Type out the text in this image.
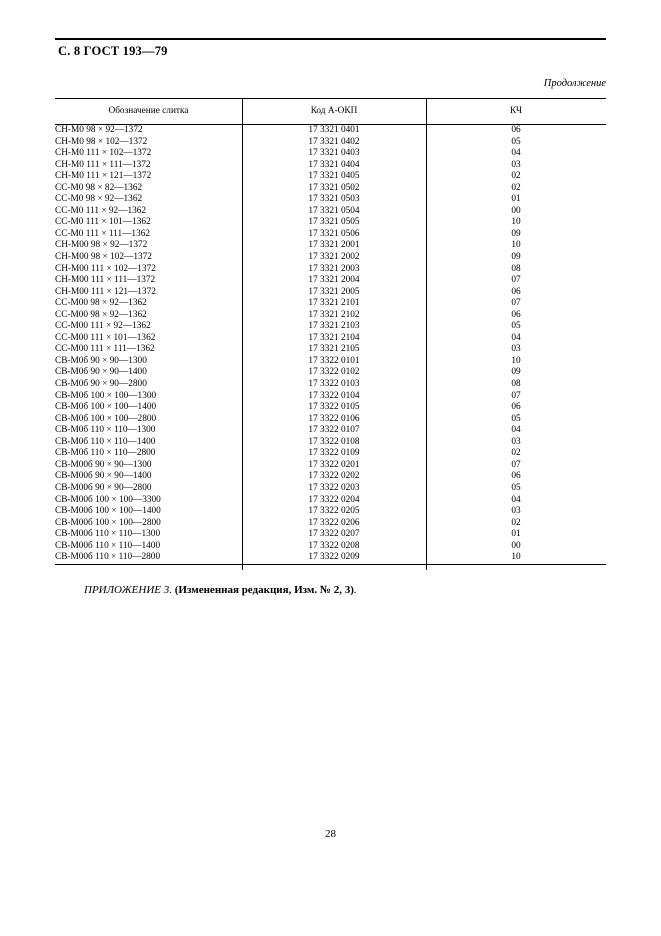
С. 8 ГОСТ 193—79
Продолжение
Обозначение слитка	Код А-ОКП	КЧ
СН-М0 98 × 92—1372	17 3321 0401	06
СН-М0 98 × 102—1372	17 3321 0402	05
СН-М0 111 × 102—1372	17 3321 0403	04
СН-М0 111 × 111—1372	17 3321 0404	03
СН-М0 111 × 121—1372	17 3321 0405	02
СС-М0 98 × 82—1362	17 3321 0502	02
СС-М0 98 × 92—1362	17 3321 0503	01
СС-М0 111 × 92—1362	17 3321 0504	00
СС-М0 111 × 101—1362	17 3321 0505	10
СС-М0 111 × 111—1362	17 3321 0506	09
СН-М00 98 × 92—1372	17 3321 2001	10
СН-М00 98 × 102—1372	17 3321 2002	09
СН-М00 111 × 102—1372	17 3321 2003	08
СН-М00 111 × 111—1372	17 3321 2004	07
СН-М00 111 × 121—1372	17 3321 2005	06
СС-М00 98 × 92—1362	17 3321 2101	07
СС-М00 98 × 92—1362	17 3321 2102	06
СС-М00 111 × 92—1362	17 3321 2103	05
СС-М00 111 × 101—1362	17 3321 2104	04
СС-М00 111 × 111—1362	17 3321 2105	03
СВ-М0б 90 × 90—1300	17 3322 0101	10
СВ-М0б 90 × 90—1400	17 3322 0102	09
СВ-М0б 90 × 90—2800	17 3322 0103	08
СВ-М0б 100 × 100—1300	17 3322 0104	07
СВ-М0б 100 × 100—1400	17 3322 0105	06
СВ-М0б 100 × 100—2800	17 3322 0106	05
СВ-М0б 110 × 110—1300	17 3322 0107	04
СВ-М0б 110 × 110—1400	17 3322 0108	03
СВ-М0б 110 × 110—2800	17 3322 0109	02
СВ-М00б 90 × 90—1300	17 3322 0201	07
СВ-М00б 90 × 90—1400	17 3322 0202	06
СВ-М00б 90 × 90—2800	17 3322 0203	05
СВ-М00б 100 × 100—3300	17 3322 0204	04
СВ-М00б 100 × 100—1400	17 3322 0205	03
СВ-М00б 100 × 100—2800	17 3322 0206	02
СВ-М00б 110 × 110—1300	17 3322 0207	01
СВ-М00б 110 × 110—1400	17 3322 0208	00
СВ-М00б 110 × 110—2800	17 3322 0209	10
ПРИЛОЖЕНИЕ 3. (Измененная редакция, Изм. № 2, 3).
28
